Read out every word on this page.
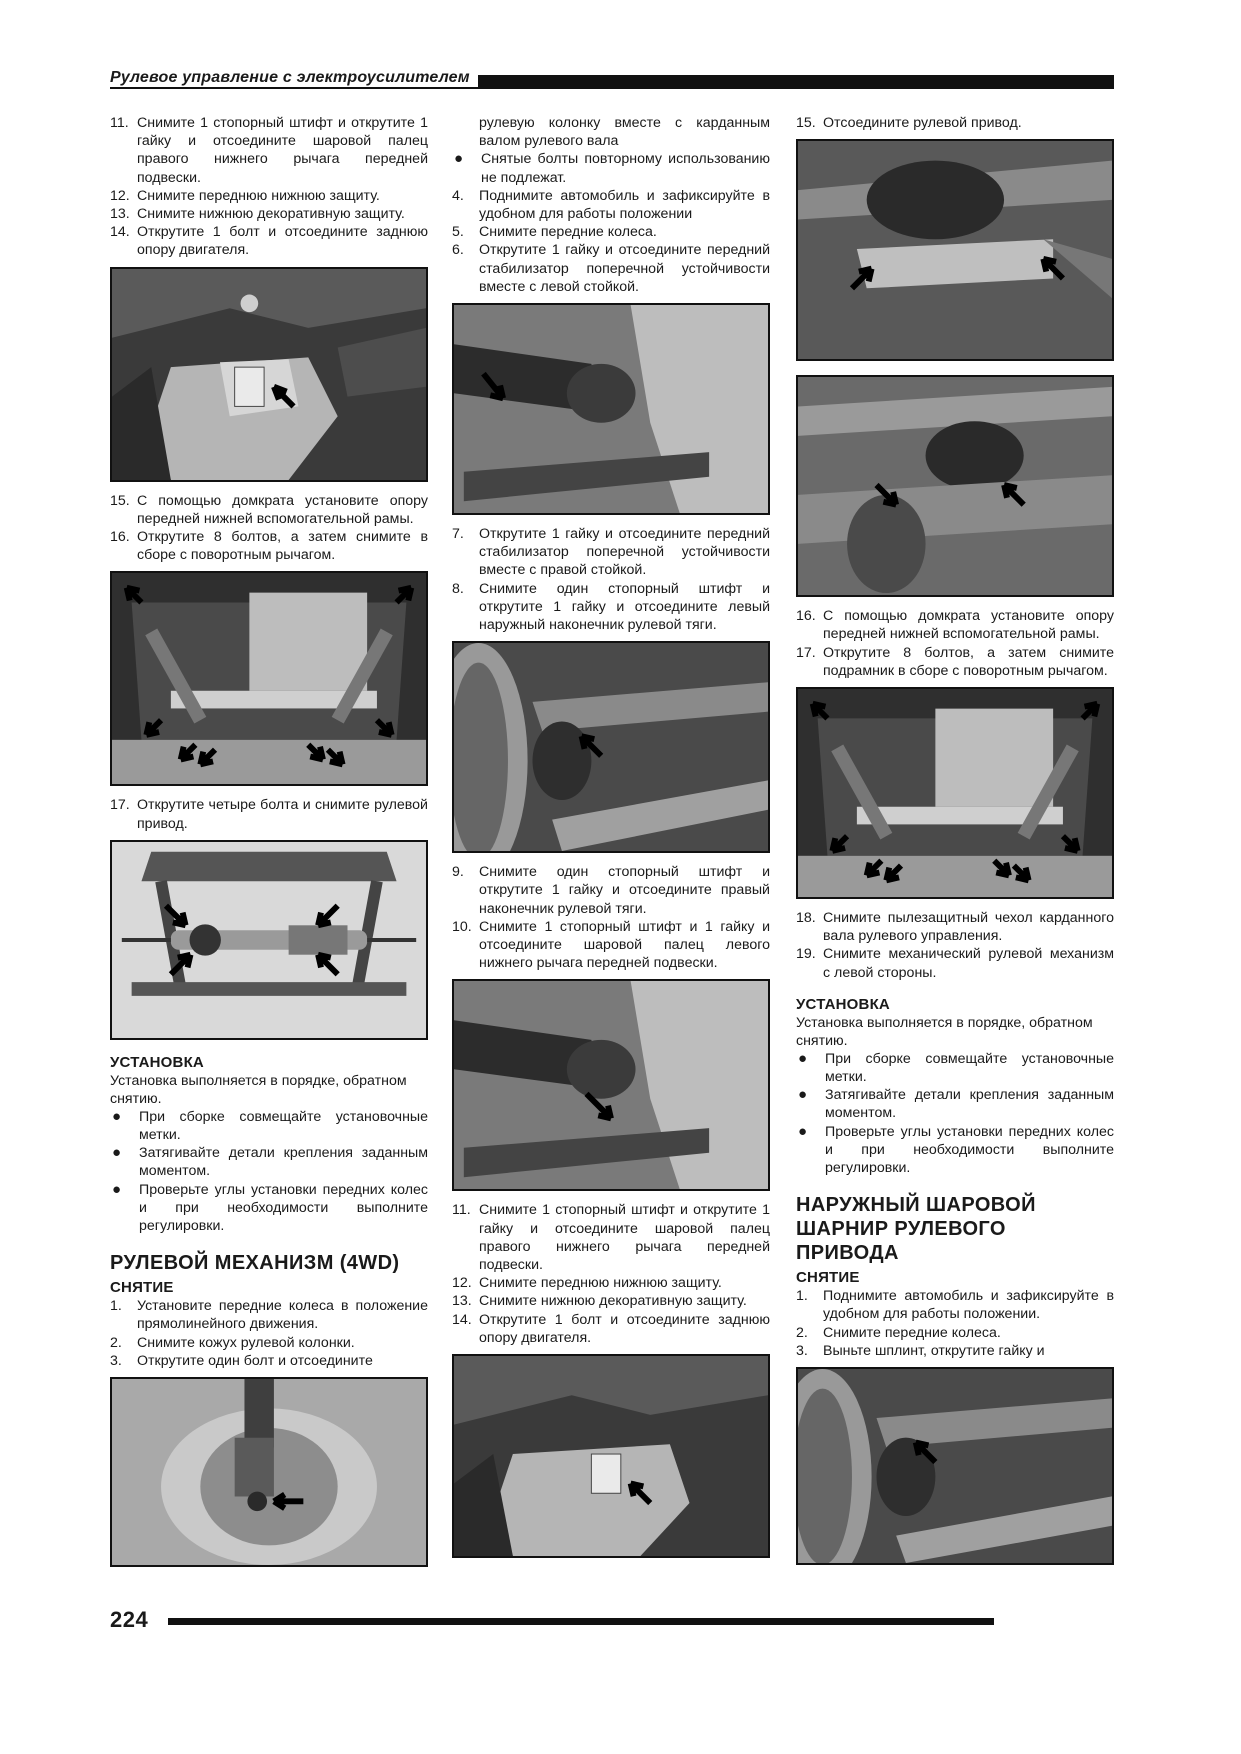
Рулевое управление с электроусилителем
11. Снимите 1 стопорный штифт и открутите 1 гайку и отсоедините шаровой палец правого нижнего рычага передней подвески.
12. Снимите переднюю нижнюю защиту.
13. Снимите нижнюю декоративную защиту.
14. Открутите 1 болт и отсоедините заднюю опору двигателя.
15. С помощью домкрата установите опору передней нижней вспомогательной рамы.
16. Открутите 8 болтов, а затем снимите в сборе с поворотным рычагом.
17. Открутите четыре болта и снимите рулевой привод.
УСТАНОВКА

Установка выполняется в порядке, обратном снятию.

●	При сборке совмещайте установочные метки.
●	Затягивайте детали крепления заданным моментом.
●	Проверьте углы установки передних колес и при необходимости выполните регулировки.
РУЛЕВОЙ МЕХАНИЗМ (4WD)
СНЯТИЕ
1.	Установите передние колеса в положение прямолинейного движения.
2.	Снимите кожух рулевой колонки.
3.	Открутите один болт и отсоедините
рулевую колонку вместе с карданным валом рулевого вала
●	Снятые болты повторному использованию не подлежат.
4.	Поднимите автомобиль и зафиксируйте в удобном для работы положении
5.	Снимите передние колеса.
6.	Открутите 1 гайку и отсоедините передний стабилизатор поперечной устойчивости вместе с левой стойкой.
7.	Открутите 1 гайку и отсоедините передний стабилизатор поперечной устойчивости вместе с правой стойкой.
8.	Снимите один стопорный штифт и открутите 1 гайку и отсоедините левый наружный наконечник рулевой тяги.
9.	Снимите один стопорный штифт и открутите 1 гайку и отсоедините правый наконечник рулевой тяги.
10. Снимите 1 стопорный штифт и 1 гайку и отсоедините шаровой палец левого нижнего рычага передней подвески.
11. Снимите 1 стопорный штифт и открутите 1 гайку и отсоедините шаровой палец правого нижнего рычага передней подвески.
12. Снимите переднюю нижнюю защиту.
13. Снимите нижнюю декоративную защиту.
14. Открутите 1 болт и отсоедините заднюю опору двигателя.
15. Отсоедините рулевой привод.
16. С помощью домкрата установите опору передней нижней вспомогательной рамы.
17. Открутите 8 болтов, а затем снимите подрамник в сборе с поворотным рычагом.
18. Снимите пылезащитный чехол карданного вала рулевого управления.
19. Снимите механический рулевой механизм с левой стороны.
УСТАНОВКА

Установка выполняется в порядке, обратном снятию.

●	При сборке совмещайте установочные метки.
●	Затягивайте детали крепления заданным моментом.
●	Проверьте углы установки передних колес и при необходимости выполните регулировки.
НАРУЖНЫЙ ШАРОВОЙ ШАРНИР РУЛЕВОГО ПРИВОДА
СНЯТИЕ
1.	Поднимите автомобиль и зафиксируйте в удобном для работы положении.
2.	Снимите передние колеса.
3.	Выньте шплинт, открутите гайку и
224
